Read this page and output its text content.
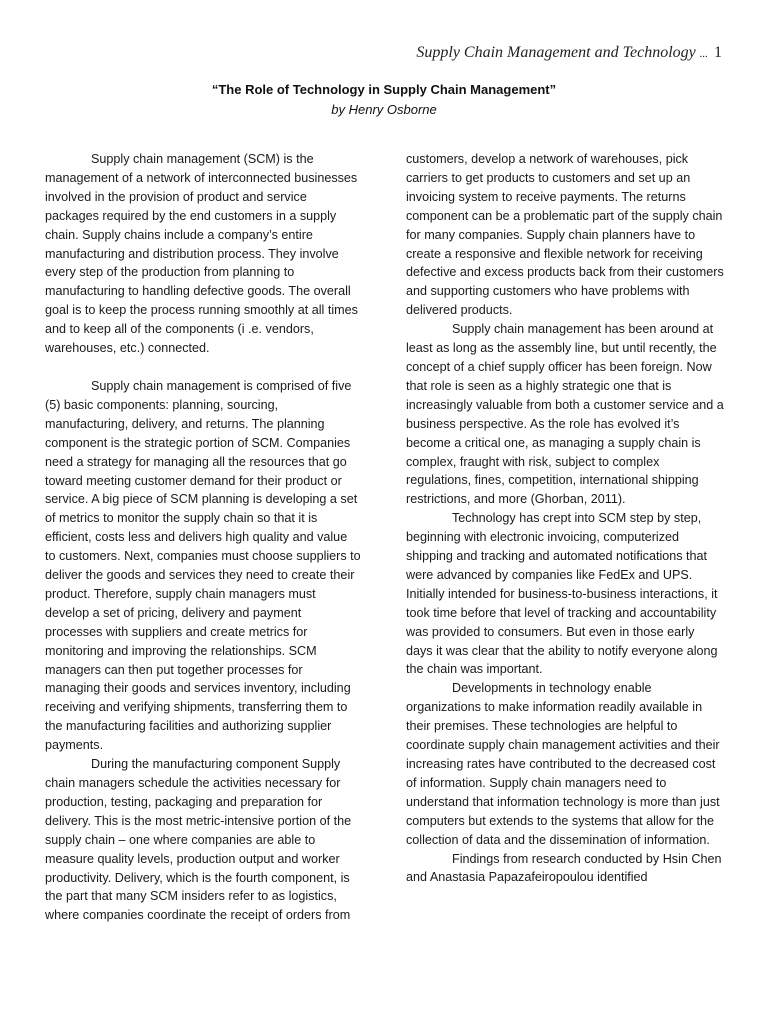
Supply Chain Management and Technology ... 1
“The Role of Technology in Supply Chain Management”
by Henry Osborne

Supply chain management (SCM) is the management of a network of interconnected businesses involved in the provision of product and service packages required by the end customers in a supply chain. Supply chains include a company’s entire manufacturing and distribution process. They involve every step of the production from planning to manufacturing to handling defective goods. The overall goal is to keep the process running smoothly at all times and to keep all of the components (i .e. vendors, warehouses, etc.) connected.

Supply chain management is comprised of five (5) basic components: planning, sourcing, manufacturing, delivery, and returns. The planning component is the strategic portion of SCM. Companies need a strategy for managing all the resources that go toward meeting customer demand for their product or service. A big piece of SCM planning is developing a set of metrics to monitor the supply chain so that it is efficient, costs less and delivers high quality and value to customers. Next, companies must choose suppliers to deliver the goods and services they need to create their product. Therefore, supply chain managers must develop a set of pricing, delivery and payment processes with suppliers and create metrics for monitoring and improving the relationships. SCM managers can then put together processes for managing their goods and services inventory, including receiving and verifying shipments, transferring them to the manufacturing facilities and authorizing supplier payments.

During the manufacturing component Supply chain managers schedule the activities necessary for production, testing, packaging and preparation for delivery. This is the most metric-intensive portion of the supply chain – one where companies are able to measure quality levels, production output and worker productivity. Delivery, which is the fourth component, is the part that many SCM insiders refer to as logistics, where companies coordinate the receipt of orders from

customers, develop a network of warehouses, pick carriers to get products to customers and set up an invoicing system to receive payments. The returns component can be a problematic part of the supply chain for many companies. Supply chain planners have to create a responsive and flexible network for receiving defective and excess products back from their customers and supporting customers who have problems with delivered products.

Supply chain management has been around at least as long as the assembly line, but until recently, the concept of a chief supply officer has been foreign. Now that role is seen as a highly strategic one that is increasingly valuable from both a customer service and a business perspective. As the role has evolved it’s become a critical one, as managing a supply chain is complex, fraught with risk, subject to complex regulations, fines, competition, international shipping restrictions, and more (Ghorban, 2011).

Technology has crept into SCM step by step, beginning with electronic invoicing, computerized shipping and tracking and automated notifications that were advanced by companies like FedEx and UPS. Initially intended for business-to-business interactions, it took time before that level of tracking and accountability was provided to consumers. But even in those early days it was clear that the ability to notify everyone along the chain was important.

Developments in technology enable organizations to make information readily available in their premises. These technologies are helpful to coordinate supply chain management activities and their increasing rates have contributed to the decreased cost of information. Supply chain managers need to understand that information technology is more than just computers but extends to the systems that allow for the collection of data and the dissemination of information.

Findings from research conducted by Hsin Chen and Anastasia Papazafeiropoulou identified
